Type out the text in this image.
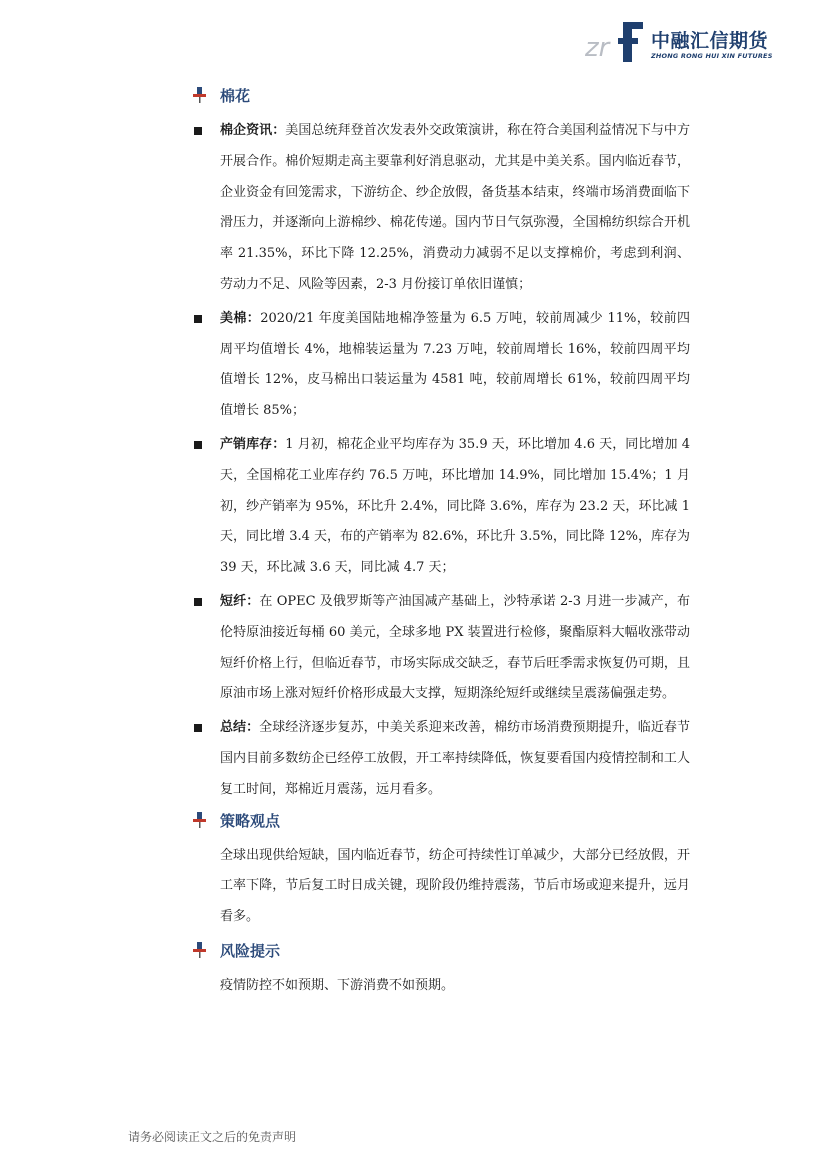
zr 中融汇信期货
ZHONG RONG HUI XIN FUTURES
棉花
棉企资讯：美国总统拜登首次发表外交政策演讲，称在符合美国利益情况下与中方开展合作。棉价短期走高主要靠利好消息驱动，尤其是中美关系。国内临近春节，企业资金有回笼需求，下游纺企、纱企放假，备货基本结束，终端市场消费面临下滑压力，并逐渐向上游棉纱、棉花传递。国内节日气氛弥漫，全国棉纺织综合开机率 21.35%，环比下降 12.25%，消费动力减弱不足以支撑棉价，考虑到利润、劳动力不足、风险等因素，2-3 月份接订单依旧谨慎；
美棉：2020/21 年度美国陆地棉净签量为 6.5 万吨，较前周减少 11%，较前四周平均值增长 4%，地棉装运量为 7.23 万吨，较前周增长 16%，较前四周平均值增长 12%，皮马棉出口装运量为 4581 吨，较前周增长 61%，较前四周平均值增长 85%；
产销库存：1 月初，棉花企业平均库存为 35.9 天，环比增加 4.6 天，同比增加 4 天，全国棉花工业库存约 76.5 万吨，环比增加 14.9%，同比增加 15.4%；1 月初，纱产销率为 95%，环比升 2.4%，同比降 3.6%，库存为 23.2 天，环比减 1 天，同比增 3.4 天，布的产销率为 82.6%，环比升 3.5%，同比降 12%，库存为 39 天，环比减 3.6 天，同比减 4.7 天；
短纤：在 OPEC 及俄罗斯等产油国减产基础上，沙特承诺 2-3 月进一步减产，布伦特原油接近每桶 60 美元，全球多地 PX 装置进行检修，聚酯原料大幅收涨带动短纤价格上行，但临近春节，市场实际成交缺乏，春节后旺季需求恢复仍可期，且原油市场上涨对短纤价格形成最大支撑，短期涤纶短纤或继续呈震荡偏强走势。
总结：全球经济逐步复苏，中美关系迎来改善，棉纺市场消费预期提升，临近春节国内目前多数纺企已经停工放假，开工率持续降低，恢复要看国内疫情控制和工人复工时间，郑棉近月震荡，远月看多。
策略观点
全球出现供给短缺，国内临近春节，纺企可持续性订单减少，大部分已经放假，开工率下降，节后复工时日成关键，现阶段仍维持震荡，节后市场或迎来提升，远月看多。
风险提示
疫情防控不如预期、下游消费不如预期。
请务必阅读正文之后的免责声明
